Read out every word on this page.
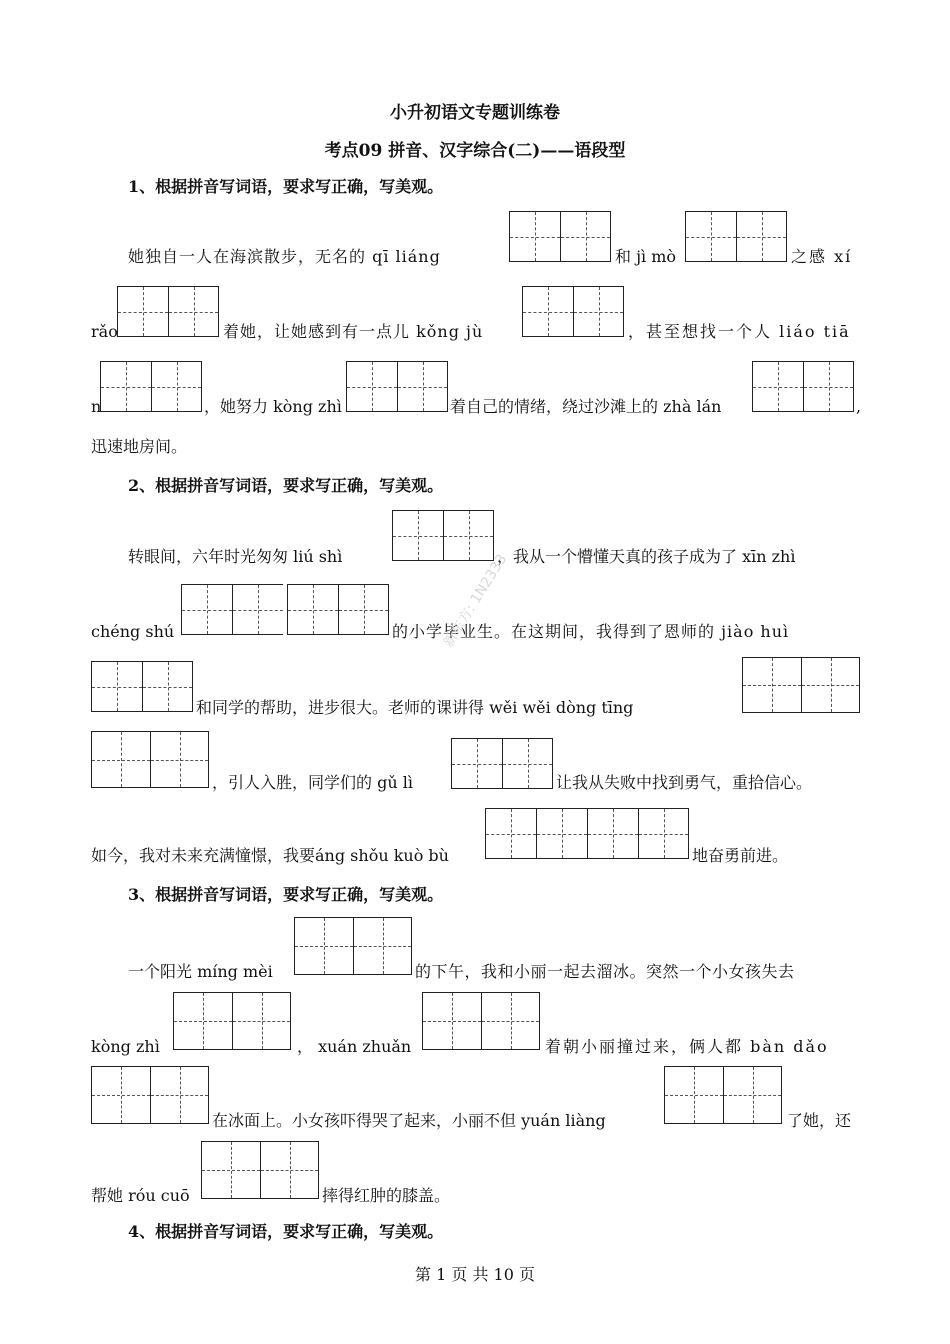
小升初语文专题训练卷
考点09 拼音、汉字综合(二)——语段型
1、根据拼音写词语，要求写正确，写美观。
她独自一人在海滨散步，无名的 qī liáng	和 jì mò	之感 xí
rǎo	着她，让她感到有一点儿 kǒng jù	，甚至想找一个人 liáo tiā
n	，她努力 kòng zhì	着自己的情绪，绕过沙滩上的 zhà lán	,
迅速地房间。
2、根据拼音写词语，要求写正确，写美观。
转眼间，六年时光匆匆 liú shì	，我从一个懵懂天真的孩子成为了 xīn zhì
chéng shú	的小学毕业生。在这期间，我得到了恩师的 jiào huì
和同学的帮助，进步很大。老师的课讲得 wěi wěi dòng tīng
，引人入胜，同学们的 gǔ lì	让我从失败中找到勇气，重拾信心。
如今，我对未来充满憧憬，我要áng shǒu kuò bù	地奋勇前进。
3、根据拼音写词语，要求写正确，写美观。
一个阳光 míng mèi	的下午，我和小丽一起去溜冰。突然一个小女孩失去
kòng zhì	， xuán zhuǎn	着朝小丽撞过来，俩人都 bàn dǎo
在冰面上。小女孩吓得哭了起来，小丽不但 yuán liàng	了她，还
帮她 róu cuō	摔得红肿的膝盖。
4、根据拼音写词语，要求写正确，写美观。
第 1 页 共 10 页
新东方: 1N2333
